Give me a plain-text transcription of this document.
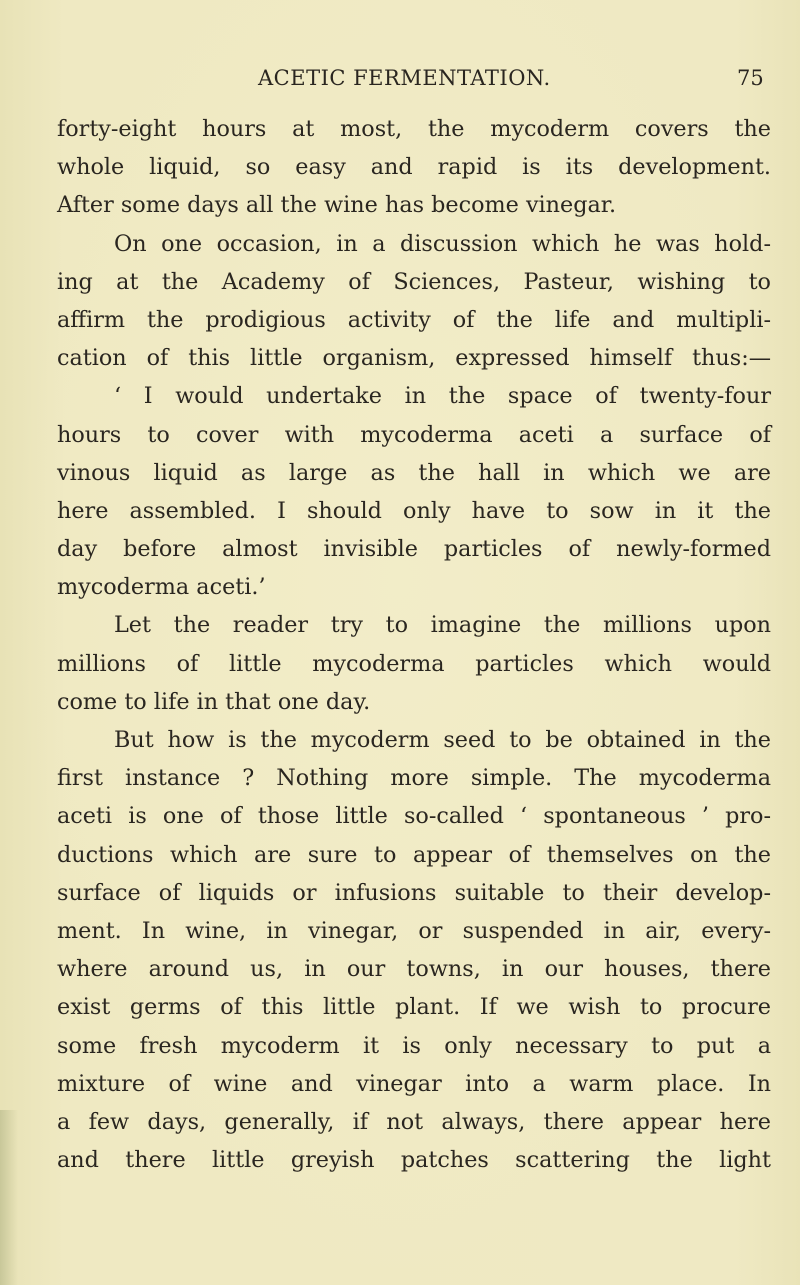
ACETIC FERMENTATION.	75
forty-eight hours at most, the mycoderm covers the
whole liquid, so easy and rapid is its development.
After some days all the wine has become vinegar.
On one occasion, in a discussion which he was hold-
ing at the Academy of Sciences, Pasteur, wishing to
affirm the prodigious activity of the life and multipli-
cation of this little organism, expressed himself thus:—
‘ I would undertake in the space of twenty-four
hours to cover with mycoderma aceti a surface of
vinous liquid as large as the hall in which we are
here assembled. I should only have to sow in it the
day before almost invisible particles of newly-formed
mycoderma aceti.’
Let the reader try to imagine the millions upon
millions of little mycoderma particles which would
come to life in that one day.
But how is the mycoderm seed to be obtained in the
first instance ? Nothing more simple. The mycoderma
aceti is one of those little so-called ‘ spontaneous ’ pro-
ductions which are sure to appear of themselves on the
surface of liquids or infusions suitable to their develop-
ment. In wine, in vinegar, or suspended in air, every-
where around us, in our towns, in our houses, there
exist germs of this little plant. If we wish to procure
some fresh mycoderm it is only necessary to put a
mixture of wine and vinegar into a warm place. In
a few days, generally, if not always, there appear here
and there little greyish patches scattering the light
